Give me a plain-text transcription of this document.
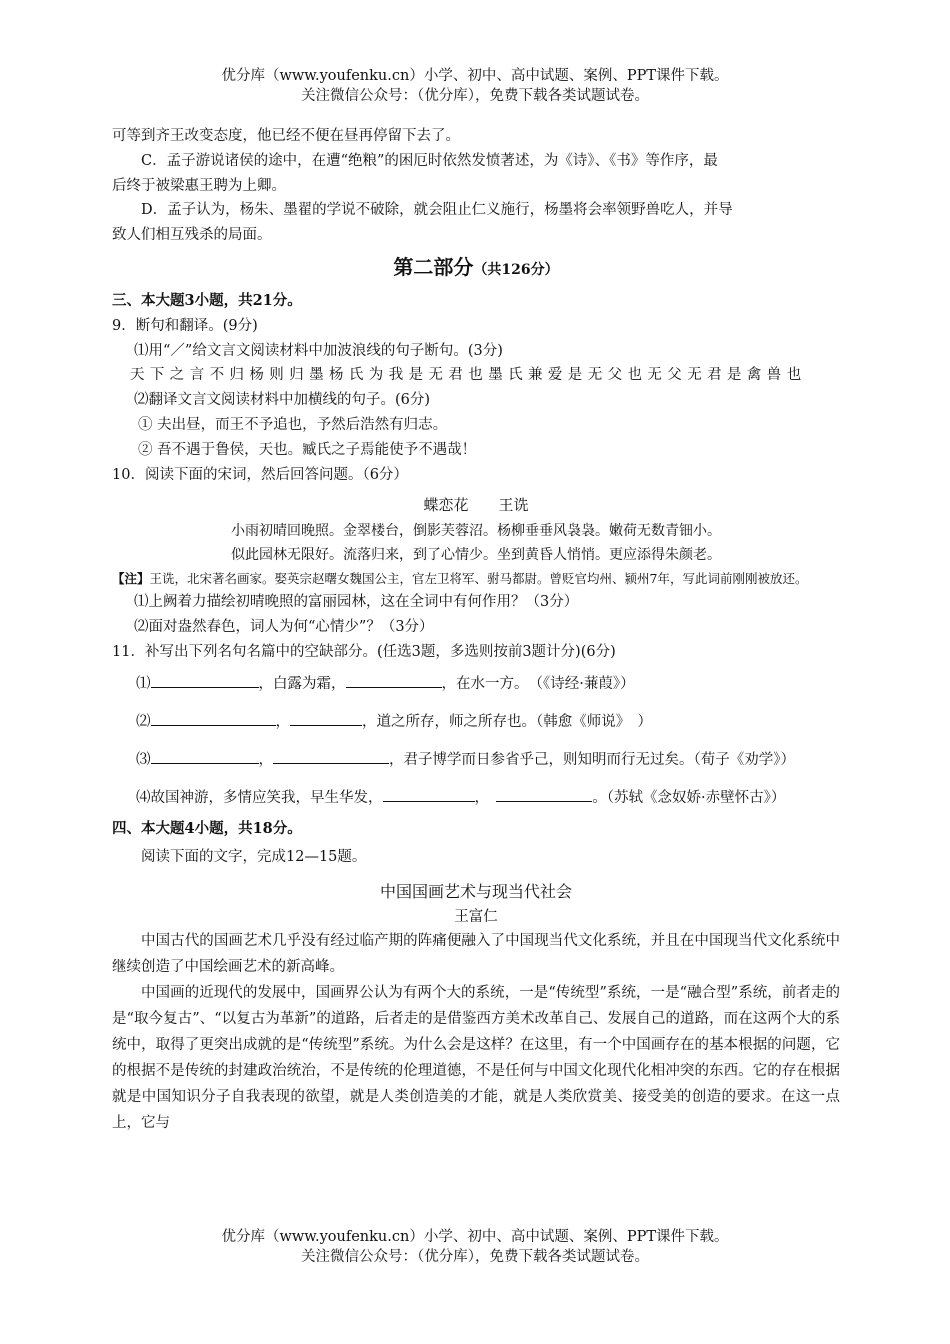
优分库（www.youfenku.cn）小学、初中、高中试题、案例、PPT课件下载。
关注微信公众号：（优分库），免费下载各类试题试卷。
可等到齐王改变态度，他已经不便在昼再停留下去了。
C．孟子游说诸侯的途中，在遭“绝粮”的困厄时依然发愤著述，为《诗》、《书》等作序，最
后终于被梁惠王聘为上卿。
D．孟子认为，杨朱、墨翟的学说不破除，就会阻止仁义施行，杨墨将会率领野兽吃人，并导
致人们相互残杀的局面。
第二部分（共126分）
三、本大题3小题，共21分。
9．断句和翻译。(9分)
⑴用“／”给文言文阅读材料中加波浪线的句子断句。(3分)
天下之言不归杨则归墨杨氏为我是无君也墨氏兼爱是无父也无父无君是禽兽也
⑵翻译文言文阅读材料中加横线的句子。(6分)
① 夫出昼，而王不予追也，予然后浩然有归志。
② 吾不遇于鲁侯，天也。臧氏之子焉能使予不遇哉！
10．阅读下面的宋词，然后回答问题。（6分）
蝶恋花 王诜
小雨初晴回晚照。金翠楼台，倒影芙蓉沼。杨柳垂垂风袅袅。嫩荷无数青钿小。
似此园林无限好。流落归来，到了心情少。坐到黄昏人悄悄。更应添得朱颜老。
【注】王诜，北宋著名画家。娶英宗赵曙女魏国公主，官左卫将军、驸马都尉。曾贬官均州、颍州7年，写此词前刚刚被放还。
⑴上阙着力描绘初晴晚照的富丽园林，这在全词中有何作用？（3分）
⑵面对盎然春色，词人为何“心情少”？（3分）
11．补写出下列名句名篇中的空缺部分。(任选3题，多选则按前3题计分)(6分)
⑴	，白露为霜，	，在水一方。　（《诗经·蒹葭》）
⑵	，	，道之所存，师之所存也。（韩愈《师说》　）
⑶	，	，君子博学而日参省乎己，则知明而行无过矣。（荀子《劝学》）
⑷故国神游，多情应笑我，早生华发，	，　	。（苏轼《念奴娇·赤壁怀古》）
四、本大题4小题，共18分。
阅读下面的文字，完成12—15题。
中国国画艺术与现当代社会
王富仁
中国古代的国画艺术几乎没有经过临产期的阵痛便融入了中国现当代文化系统，并且在中国现当代文化系统中继续创造了中国绘画艺术的新高峰。
中国画的近现代的发展中，国画界公认为有两个大的系统，一是“传统型”系统，一是“融合型”系统，前者走的是“取今复古”、“以复古为革新”的道路，后者走的是借鉴西方美术改革自己、发展自己的道路，而在这两个大的系统中，取得了更突出成就的是“传统型”系统。为什么会是这样？在这里，有一个中国画存在的基本根据的问题，它的根据不是传统的封建政治统治，不是传统的伦理道德，不是任何与中国文化现代化相冲突的东西。它的存在根据就是中国知识分子自我表现的欲望，就是人类创造美的才能，就是人类欣赏美、接受美的创造的要求。在这一点上，它与
优分库（www.youfenku.cn）小学、初中、高中试题、案例、PPT课件下载。
关注微信公众号：（优分库），免费下载各类试题试卷。
